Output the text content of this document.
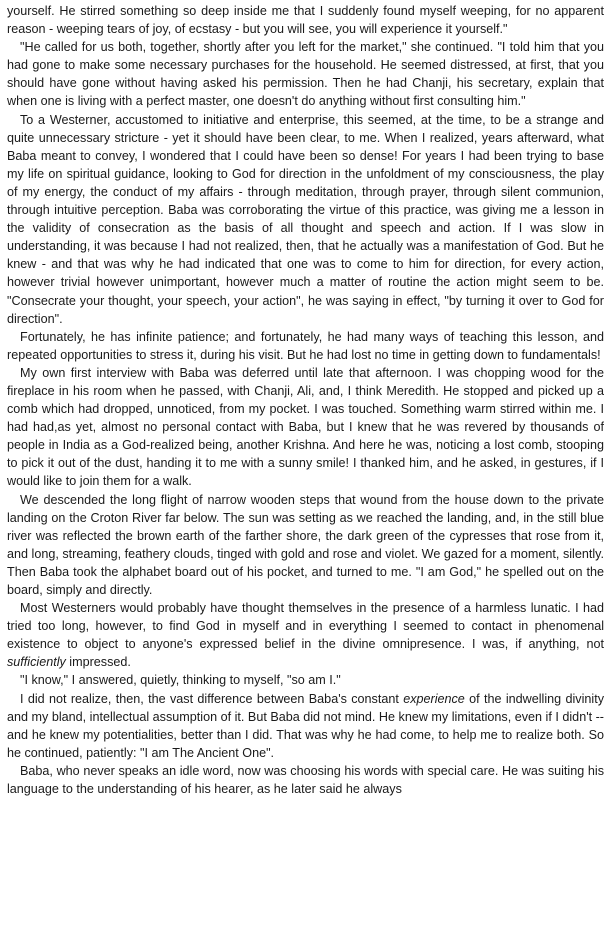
yourself. He stirred something so deep inside me that I suddenly found myself weeping, for no apparent reason - weeping tears of joy, of ecstasy - but you will see, you will experience it yourself."

"He called for us both, together, shortly after you left for the market," she continued. "I told him that you had gone to make some necessary purchases for the household. He seemed distressed, at first, that you should have gone without having asked his permission. Then he had Chanji, his secretary, explain that when one is living with a perfect master, one doesn't do anything without first consulting him."

To a Westerner, accustomed to initiative and enterprise, this seemed, at the time, to be a strange and quite unnecessary stricture - yet it should have been clear, to me. When I realized, years afterward, what Baba meant to convey, I wondered that I could have been so dense! For years I had been trying to base my life on spiritual guidance, looking to God for direction in the unfoldment of my consciousness, the play of my energy, the conduct of my affairs - through meditation, through prayer, through silent communion, through intuitive perception. Baba was corroborating the virtue of this practice, was giving me a lesson in the validity of consecration as the basis of all thought and speech and action. If I was slow in understanding, it was because I had not realized, then, that he actually was a manifestation of God. But he knew - and that was why he had indicated that one was to come to him for direction, for every action, however trivial however unimportant, however much a matter of routine the action might seem to be. "Consecrate your thought, your speech, your action", he was saying in effect, "by turning it over to God for direction".

Fortunately, he has infinite patience; and fortunately, he had many ways of teaching this lesson, and repeated opportunities to stress it, during his visit. But he had lost no time in getting down to fundamentals!

My own first interview with Baba was deferred until late that afternoon. I was chopping wood for the fireplace in his room when he passed, with Chanji, Ali, and, I think Meredith. He stopped and picked up a comb which had dropped, unnoticed, from my pocket. I was touched. Something warm stirred within me. I had had,as yet, almost no personal contact with Baba, but I knew that he was revered by thousands of people in India as a God-realized being, another Krishna. And here he was, noticing a lost comb, stooping to pick it out of the dust, handing it to me with a sunny smile! I thanked him, and he asked, in gestures, if I would like to join them for a walk.

We descended the long flight of narrow wooden steps that wound from the house down to the private landing on the Croton River far below. The sun was setting as we reached the landing, and, in the still blue river was reflected the brown earth of the farther shore, the dark green of the cypresses that rose from it, and long, streaming, feathery clouds, tinged with gold and rose and violet. We gazed for a moment, silently. Then Baba took the alphabet board out of his pocket, and turned to me. "I am God," he spelled out on the board, simply and directly.

Most Westerners would probably have thought themselves in the presence of a harmless lunatic. I had tried too long, however, to find God in myself and in everything I seemed to contact in phenomenal existence to object to anyone's expressed belief in the divine omnipresence. I was, if anything, not sufficiently impressed.

"I know," I answered, quietly, thinking to myself, "so am I."

I did not realize, then, the vast difference between Baba's constant experience of the indwelling divinity and my bland, intellectual assumption of it. But Baba did not mind. He knew my limitations, even if I didn't -- and he knew my potentialities, better than I did. That was why he had come, to help me to realize both. So he continued, patiently: "I am The Ancient One".

Baba, who never speaks an idle word, now was choosing his words with special care. He was suiting his language to the understanding of his hearer, as he later said he always
